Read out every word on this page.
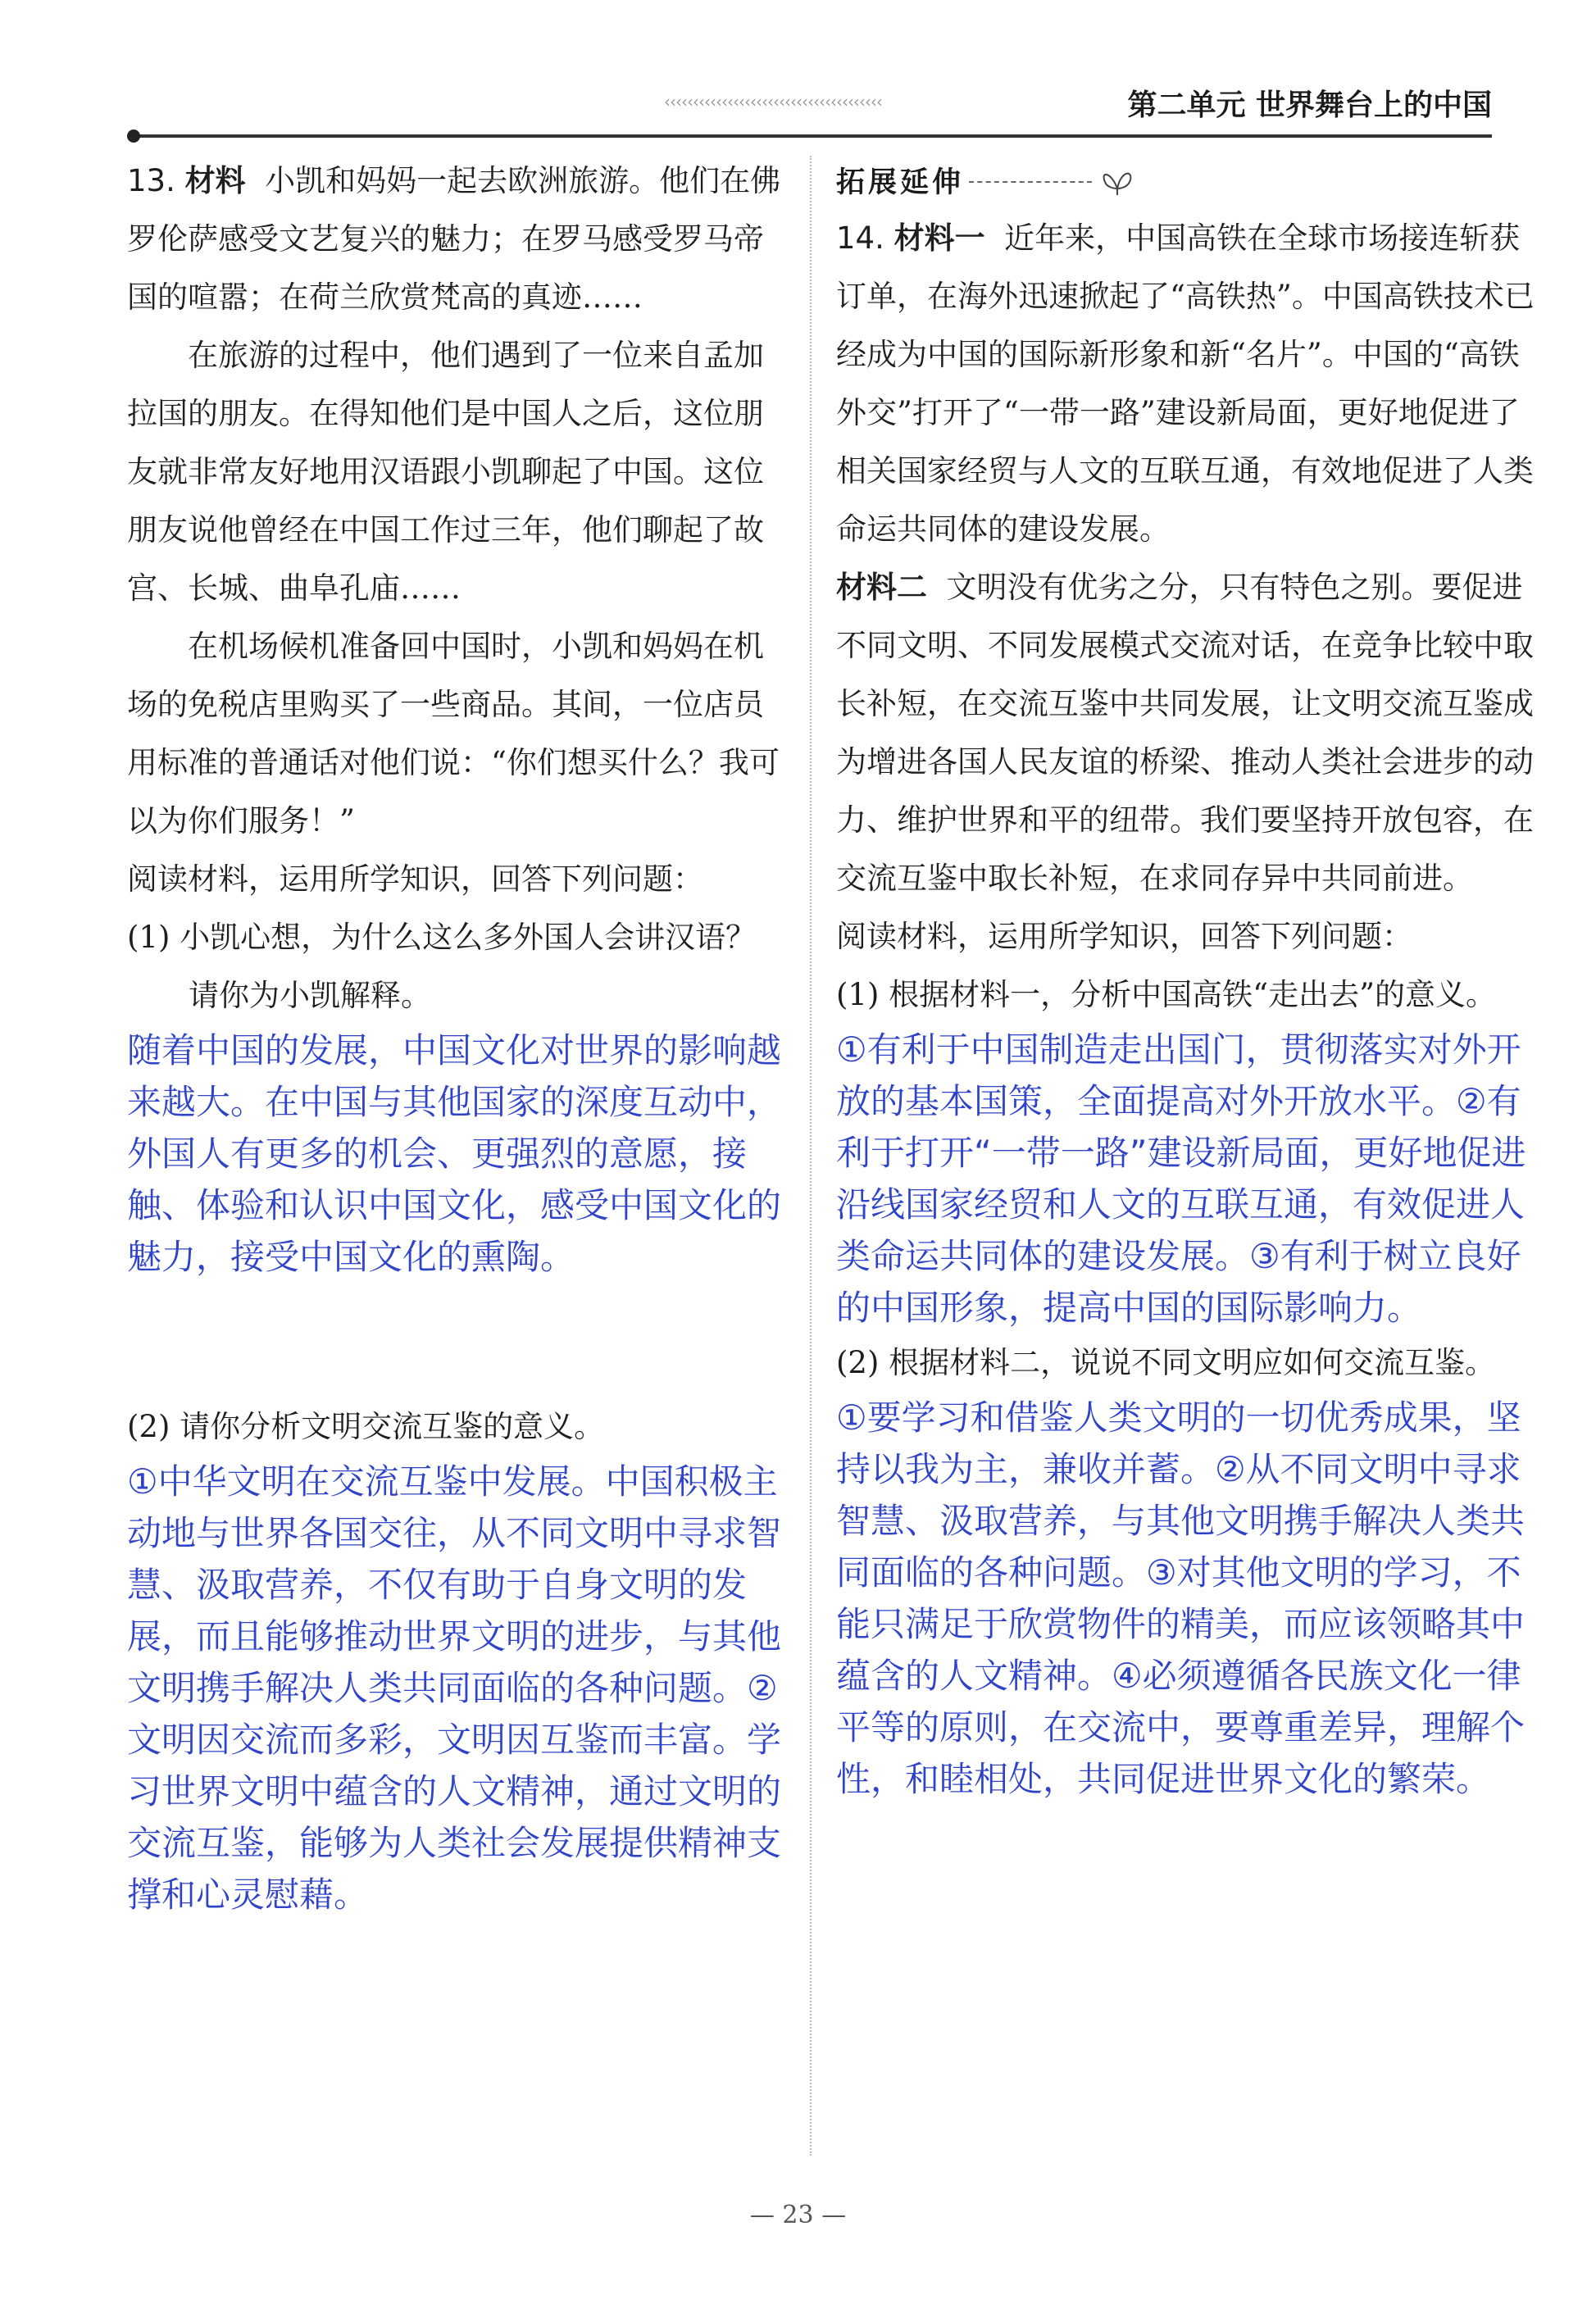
‹‹‹‹‹‹‹‹‹‹‹‹‹‹‹‹‹‹‹‹‹‹‹‹‹‹‹‹‹‹‹‹‹‹‹‹‹‹	第二单元 世界舞台上的中国

13. 材料 小凯和妈妈一起去欧洲旅游。他们在佛罗伦萨感受文艺复兴的魅力；在罗马感受罗马帝国的喧嚣；在荷兰欣赏梵高的真迹……

在旅游的过程中，他们遇到了一位来自孟加拉国的朋友。在得知他们是中国人之后，这位朋友就非常友好地用汉语跟小凯聊起了中国。这位朋友说他曾经在中国工作过三年，他们聊起了故宫、长城、曲阜孔庙……

在机场候机准备回中国时，小凯和妈妈在机场的免税店里购买了一些商品。其间，一位店员用标准的普通话对他们说：“你们想买什么？我可以为你们服务！”

阅读材料，运用所学知识，回答下列问题：

(1) 小凯心想，为什么这么多外国人会讲汉语？请你为小凯解释。

随着中国的发展，中国文化对世界的影响越来越大。在中国与其他国家的深度互动中，外国人有更多的机会、更强烈的意愿，接触、体验和认识中国文化，感受中国文化的魅力，接受中国文化的熏陶。

(2) 请你分析文明交流互鉴的意义。

①中华文明在交流互鉴中发展。中国积极主动地与世界各国交往，从不同文明中寻求智慧、汲取营养，不仅有助于自身文明的发展，而且能够推动世界文明的进步，与其他文明携手解决人类共同面临的各种问题。②文明因交流而多彩，文明因互鉴而丰富。学习世界文明中蕴含的人文精神，通过文明的交流互鉴，能够为人类社会发展提供精神支撑和心灵慰藉。

拓展延伸

14. 材料一 近年来，中国高铁在全球市场接连斩获订单，在海外迅速掀起了“高铁热”。中国高铁技术已经成为中国的国际新形象和新“名片”。中国的“高铁外交”打开了“一带一路”建设新局面，更好地促进了相关国家经贸与人文的互联互通，有效地促进了人类命运共同体的建设发展。

材料二 文明没有优劣之分，只有特色之别。要促进不同文明、不同发展模式交流对话，在竞争比较中取长补短，在交流互鉴中共同发展，让文明交流互鉴成为增进各国人民友谊的桥梁、推动人类社会进步的动力、维护世界和平的纽带。我们要坚持开放包容，在交流互鉴中取长补短，在求同存异中共同前进。

阅读材料，运用所学知识，回答下列问题：

(1) 根据材料一，分析中国高铁“走出去”的意义。

①有利于中国制造走出国门，贯彻落实对外开放的基本国策，全面提高对外开放水平。②有利于打开“一带一路”建设新局面，更好地促进沿线国家经贸和人文的互联互通，有效促进人类命运共同体的建设发展。③有利于树立良好的中国形象，提高中国的国际影响力。

(2) 根据材料二，说说不同文明应如何交流互鉴。

①要学习和借鉴人类文明的一切优秀成果，坚持以我为主，兼收并蓄。②从不同文明中寻求智慧、汲取营养，与其他文明携手解决人类共同面临的各种问题。③对其他文明的学习，不能只满足于欣赏物件的精美，而应该领略其中蕴含的人文精神。④必须遵循各民族文化一律平等的原则，在交流中，要尊重差异，理解个性，和睦相处，共同促进世界文化的繁荣。

— 23 —
